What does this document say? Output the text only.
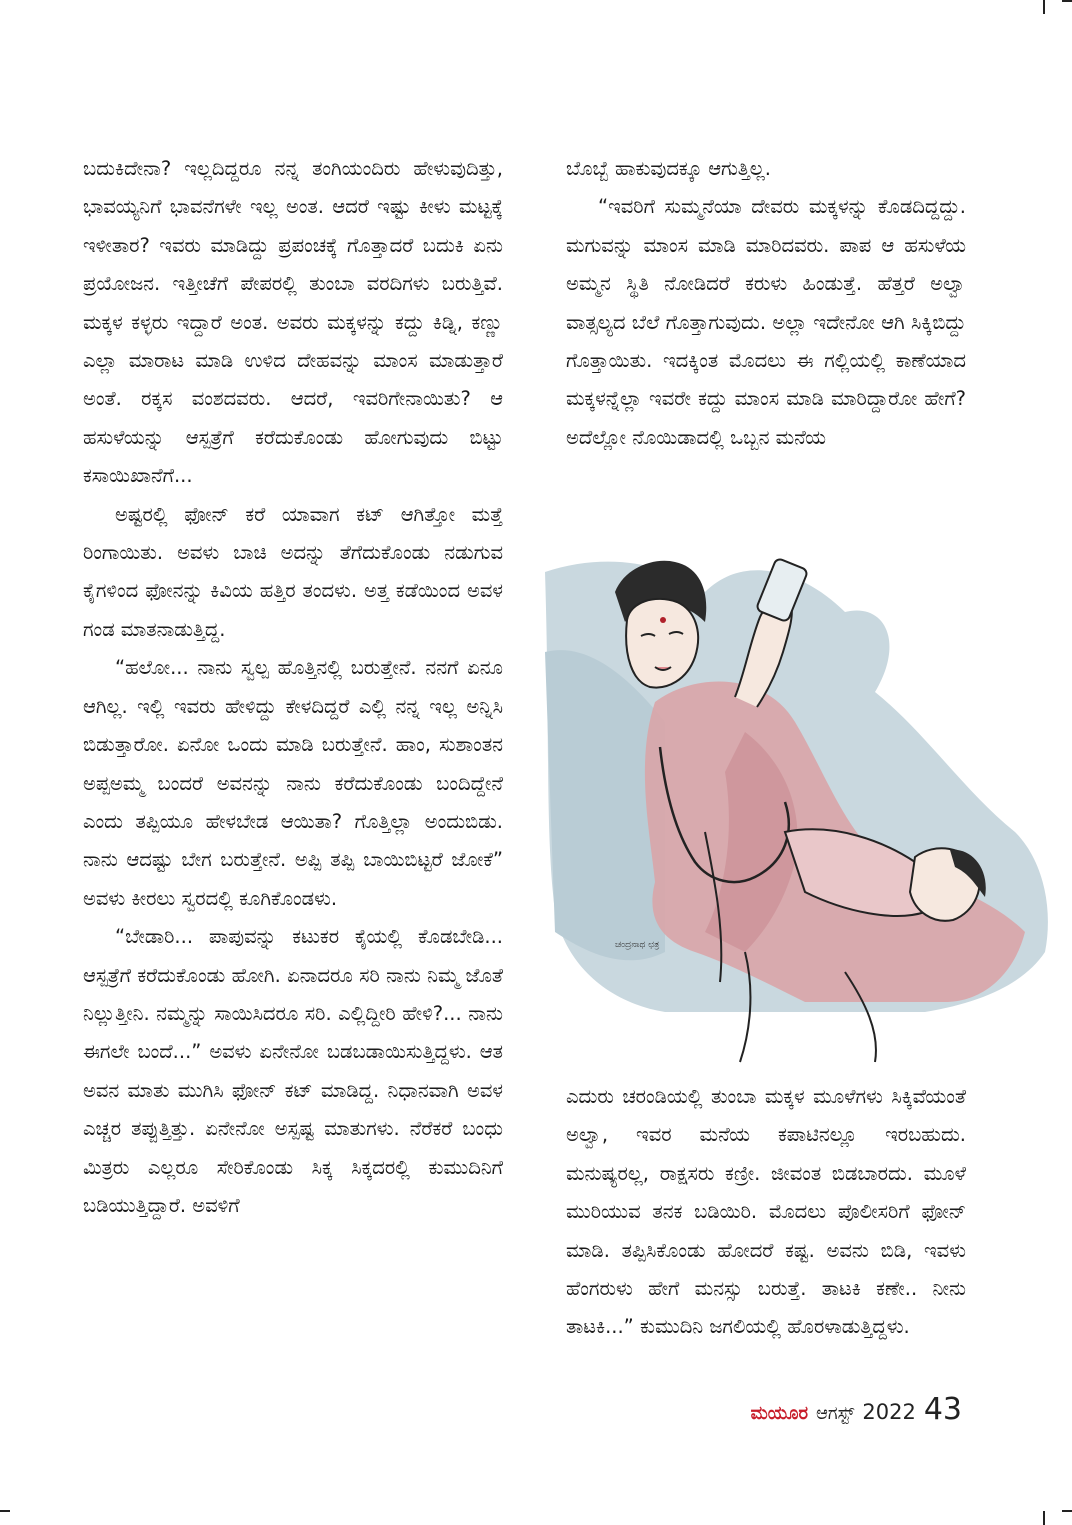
ಬದುಕಿದೇನಾ? ಇಲ್ಲದಿದ್ದರೂ ನನ್ನ ತಂಗಿಯಂದಿರು ಹೇಳುವುದಿತ್ತು, ಭಾವಯ್ಯನಿಗೆ ಭಾವನೆಗಳೇ ಇಲ್ಲ ಅಂತ. ಆದರೆ ಇಷ್ಟು ಕೀಳು ಮಟ್ಟಕ್ಕೆ ಇಳೀತಾರ? ಇವರು ಮಾಡಿದ್ದು ಪ್ರಪಂಚಕ್ಕೆ ಗೊತ್ತಾದರೆ ಬದುಕಿ ಏನು ಪ್ರಯೋಜನ. ಇತ್ತೀಚೆಗೆ ಪೇಪರಲ್ಲಿ ತುಂಬಾ ವರದಿಗಳು ಬರುತ್ತಿವೆ. ಮಕ್ಕಳ ಕಳ್ಳರು ಇದ್ದಾರೆ ಅಂತ. ಅವರು ಮಕ್ಕಳನ್ನು ಕದ್ದು ಕಿಡ್ನಿ, ಕಣ್ಣು ಎಲ್ಲಾ ಮಾರಾಟ ಮಾಡಿ ಉಳಿದ ದೇಹವನ್ನು ಮಾಂಸ ಮಾಡುತ್ತಾರೆ ಅಂತೆ. ರಕ್ಕಸ ವಂಶದವರು. ಆದರೆ, ಇವರಿಗೇನಾಯಿತು? ಆ ಹಸುಳೆಯನ್ನು ಆಸ್ಪತ್ರೆಗೆ ಕರೆದುಕೊಂಡು ಹೋಗುವುದು ಬಿಟ್ಟು ಕಸಾಯಿಖಾನೆಗೆ...

ಅಷ್ಟರಲ್ಲಿ ಫೋನ್ ಕರೆ ಯಾವಾಗ ಕಟ್ ಆಗಿತ್ತೋ ಮತ್ತೆ ರಿಂಗಾಯಿತು. ಅವಳು ಬಾಚಿ ಅದನ್ನು ತೆಗೆದುಕೊಂಡು ನಡುಗುವ ಕೈಗಳಿಂದ ಫೋನನ್ನು ಕಿವಿಯ ಹತ್ತಿರ ತಂದಳು. ಅತ್ತ ಕಡೆಯಿಂದ ಅವಳ ಗಂಡ ಮಾತನಾಡುತ್ತಿದ್ದ.

“ಹಲೋ... ನಾನು ಸ್ವಲ್ಪ ಹೊತ್ತಿನಲ್ಲಿ ಬರುತ್ತೇನೆ. ನನಗೆ ಏನೂ ಆಗಿಲ್ಲ. ಇಲ್ಲಿ ಇವರು ಹೇಳಿದ್ದು ಕೇಳದಿದ್ದರೆ ಎಲ್ಲಿ ನನ್ನ ಇಲ್ಲ ಅನ್ನಿಸಿ ಬಿಡುತ್ತಾರೋ. ಏನೋ ಒಂದು ಮಾಡಿ ಬರುತ್ತೇನೆ. ಹಾಂ, ಸುಶಾಂತನ ಅಪ್ಪಅಮ್ಮ ಬಂದರೆ ಅವನನ್ನು ನಾನು ಕರೆದುಕೊಂಡು ಬಂದಿದ್ದೇನೆ ಎಂದು ತಪ್ಪಿಯೂ ಹೇಳಬೇಡ ಆಯಿತಾ? ಗೊತ್ತಿಲ್ಲಾ ಅಂದುಬಿಡು. ನಾನು ಆದಷ್ಟು ಬೇಗ ಬರುತ್ತೇನೆ. ಅಪ್ಪಿ ತಪ್ಪಿ ಬಾಯಿಬಿಟ್ಟರೆ ಜೋಕೆ” ಅವಳು ಕೀರಲು ಸ್ವರದಲ್ಲಿ ಕೂಗಿಕೊಂಡಳು.

“ಬೇಡಾರಿ... ಪಾಪುವನ್ನು ಕಟುಕರ ಕೈಯಲ್ಲಿ ಕೊಡಬೇಡಿ... ಆಸ್ಪತ್ರೆಗೆ ಕರೆದುಕೊಂಡು ಹೋಗಿ. ಏನಾದರೂ ಸರಿ ನಾನು ನಿಮ್ಮ ಜೊತೆ ನಿಲ್ಲುತ್ತೀನಿ. ನಮ್ಮನ್ನು ಸಾಯಿಸಿದರೂ ಸರಿ. ಎಲ್ಲಿದ್ದೀರಿ ಹೇಳಿ?... ನಾನು ಈಗಲೇ ಬಂದೆ...” ಅವಳು ಏನೇನೋ ಬಡಬಡಾಯಿಸುತ್ತಿದ್ದಳು. ಆತ ಅವನ ಮಾತು ಮುಗಿಸಿ ಫೋನ್ ಕಟ್ ಮಾಡಿದ್ದ. ನಿಧಾನವಾಗಿ ಅವಳ ಎಚ್ಚರ ತಪ್ಪುತ್ತಿತ್ತು. ಏನೇನೋ ಅಸ್ಪಷ್ಟ ಮಾತುಗಳು. ನೆರೆಕರೆ ಬಂಧು ಮಿತ್ರರು ಎಲ್ಲರೂ ಸೇರಿಕೊಂಡು ಸಿಕ್ಕ ಸಿಕ್ಕದರಲ್ಲಿ ಕುಮುದಿನಿಗೆ ಬಡಿಯುತ್ತಿದ್ದಾರೆ. ಅವಳಿಗೆ

ಬೊಬ್ಬೆ ಹಾಕುವುದಕ್ಕೂ ಆಗುತ್ತಿಲ್ಲ.

“ಇವರಿಗೆ ಸುಮ್ಮನೆಯಾ ದೇವರು ಮಕ್ಕಳನ್ನು ಕೊಡದಿದ್ದದ್ದು. ಮಗುವನ್ನು ಮಾಂಸ ಮಾಡಿ ಮಾರಿದವರು. ಪಾಪ ಆ ಹಸುಳೆಯ ಅಮ್ಮನ ಸ್ಥಿತಿ ನೋಡಿದರೆ ಕರುಳು ಹಿಂಡುತ್ತೆ. ಹೆತ್ತರೆ ಅಲ್ವಾ ವಾತ್ಸಲ್ಯದ ಬೆಲೆ ಗೊತ್ತಾಗುವುದು. ಅಲ್ಲಾ ಇದೇನೋ ಆಗಿ ಸಿಕ್ಕಿಬಿದ್ದು ಗೊತ್ತಾಯಿತು. ಇದಕ್ಕಿಂತ ಮೊದಲು ಈ ಗಲ್ಲಿಯಲ್ಲಿ ಕಾಣೆಯಾದ ಮಕ್ಕಳನ್ನೆಲ್ಲಾ ಇವರೇ ಕದ್ದು ಮಾಂಸ ಮಾಡಿ ಮಾರಿದ್ದಾರೋ ಹೇಗೆ? ಅದೆಲ್ಲೋ ನೊಯಿಡಾದಲ್ಲಿ ಒಬ್ಬನ ಮನೆಯ

ಚಂದ್ರನಾಥ ಛತ್ರ

ಎದುರು ಚರಂಡಿಯಲ್ಲಿ ತುಂಬಾ ಮಕ್ಕಳ ಮೂಳೆಗಳು ಸಿಕ್ಕಿವೆಯಂತೆ ಅಲ್ವಾ, ಇವರ ಮನೆಯ ಕಪಾಟಿನಲ್ಲೂ ಇರಬಹುದು. ಮನುಷ್ಯರಲ್ಲ, ರಾಕ್ಷಸರು ಕಣ್ರೀ. ಜೀವಂತ ಬಿಡಬಾರದು. ಮೂಳೆ ಮುರಿಯುವ ತನಕ ಬಡಿಯಿರಿ. ಮೊದಲು ಪೊಲೀಸರಿಗೆ ಫೋನ್ ಮಾಡಿ. ತಪ್ಪಿಸಿಕೊಂಡು ಹೋದರೆ ಕಷ್ಟ. ಅವನು ಬಿಡಿ, ಇವಳು ಹೆಂಗರುಳು ಹೇಗೆ ಮನಸ್ಸು ಬರುತ್ತೆ. ತಾಟಕಿ ಕಣೇ.. ನೀನು ತಾಟಕಿ...” ಕುಮುದಿನಿ ಜಗಲಿಯಲ್ಲಿ ಹೊರಳಾಡುತ್ತಿದ್ದಳು.

ಮಯೂರ ಆಗಸ್ಟ್ 2022 43
